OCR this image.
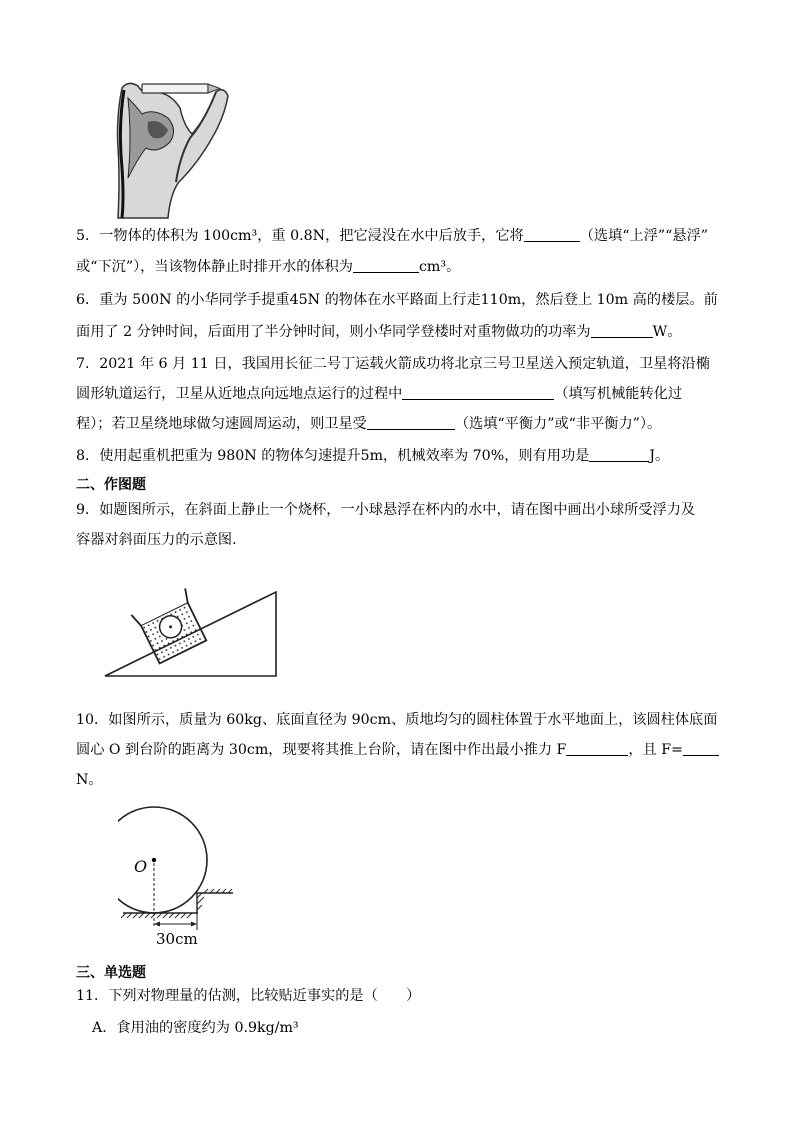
5．一物体的体积为 100cm³，重 0.8N，把它浸没在水中后放手，它将	（选填“上浮”“悬浮”
或“下沉”），当该物体静止时排开水的体积为	cm³。
6．重为 500N 的小华同学手提重45N 的物体在水平路面上行走110m，然后登上 10m 高的楼层。前
面用了 2 分钟时间，后面用了半分钟时间，则小华同学登楼时对重物做功的功率为	W。
7．2021 年 6 月 11 日，我国用长征二号丁运载火箭成功将北京三号卫星送入预定轨道，卫星将沿椭
圆形轨道运行，卫星从近地点向远地点运行的过程中	（填写机械能转化过
程）；若卫星绕地球做匀速圆周运动，则卫星受	（选填“平衡力”或“非平衡力”）。
8．使用起重机把重为 980N 的物体匀速提升5m，机械效率为 70%，则有用功是	J。
二、作图题
9．如题图所示，在斜面上静止一个烧杯，一小球悬浮在杯内的水中，请在图中画出小球所受浮力及
容器对斜面压力的示意图．
10．如图所示，质量为 60kg、底面直径为 90cm、质地均匀的圆柱体置于水平地面上，该圆柱体底面
圆心 O 到台阶的距离为 30cm，现要将其推上台阶，请在图中作出最小推力 F	，且 F=
N。
O
30cm
三、单选题
11．下列对物理量的估测，比较贴近事实的是（　　）
A．食用油的密度约为 0.9kg/m³
